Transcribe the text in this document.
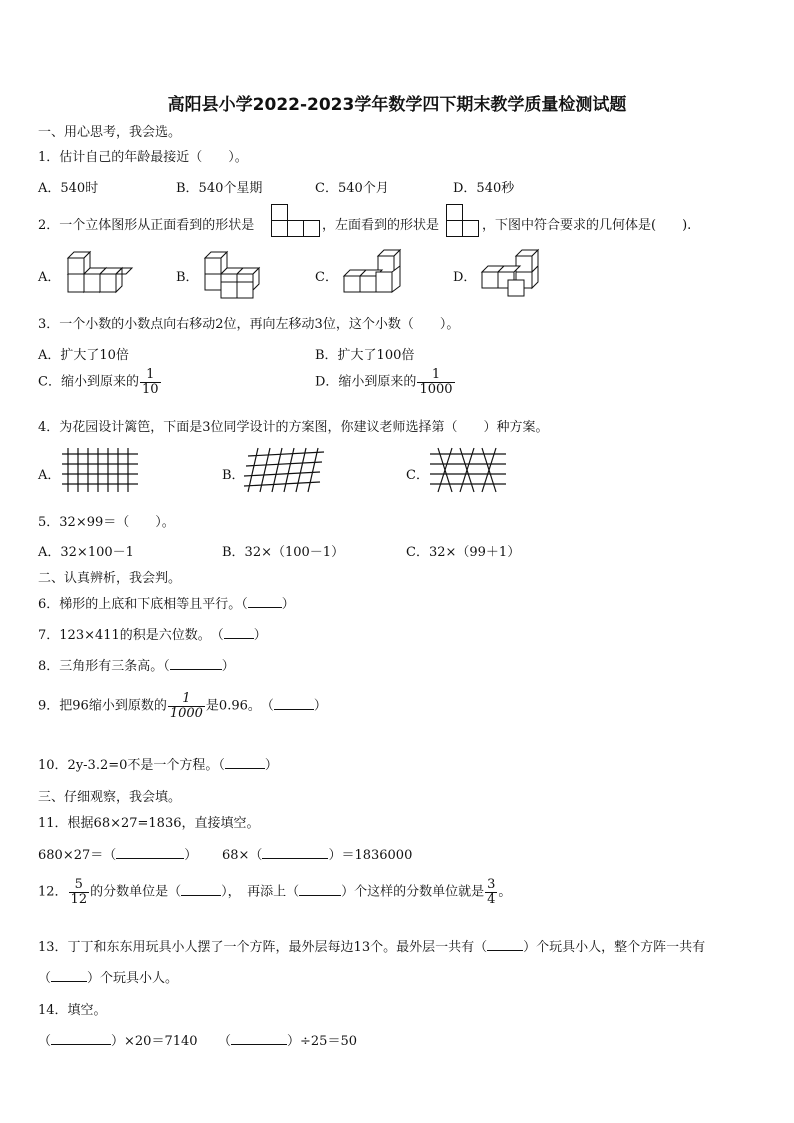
高阳县小学2022-2023学年数学四下期末教学质量检测试题
一、用心思考，我会选。
1．估计自己的年龄最接近（　　）。
A．540时	B．540个星期	C．540个月	D．540秒
2．一个立体图形从正面看到的形状是	，左面看到的形状是	，下图中符合要求的几何体是(　　).
A．	B．	C．	D．
3．一个小数的小数点向右移动2位，再向左移动3位，这个小数（　　）。
A．扩大了10倍	B．扩大了100倍
C．缩小到原来的 $\frac{1}{10}$	D．缩小到原来的 $\frac{1}{1000}$
4．为花园设计篱笆，下面是3位同学设计的方案图，你建议老师选择第（　　）种方案。
A．	B．	C．
5．32×99＝（　　）。
A．32×100－1	B．32×（100－1）	C．32×（99＋1）
二、认真辨析，我会判。
6．梯形的上底和下底相等且平行。（	）
7．123×411的积是六位数。　（ ）
8．三角形有三条高。（	）
9．把96缩小到原数的 $\frac{1}{1000}$ 是0.96。　（	）
10．2y-3.2=0不是一个方程。（	）
三、仔细观察，我会填。
11．根据68×27=1836，直接填空。
680×27＝（	） 68×（	）＝1836000
12． $\frac{5}{12}$ 的分数单位是（	），　再添上（	）个这样的分数单位就是 $\frac{3}{4}$ 。
13．丁丁和东东用玩具小人摆了一个方阵，最外层每边13个。最外层一共有（	）个玩具小人，整个方阵一共有
（	）个玩具小人。
14．填空。
（	）×20＝7140 （	）÷25＝50
